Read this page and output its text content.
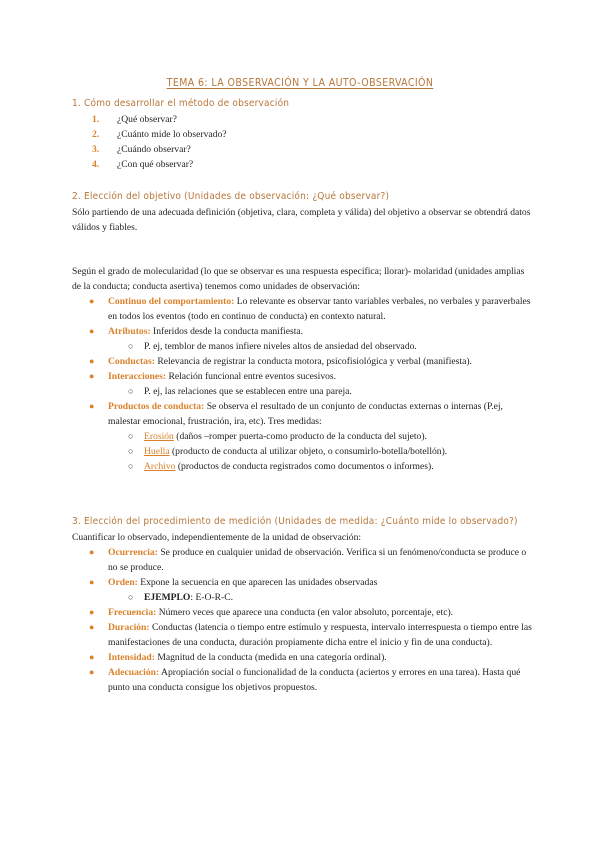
TEMA 6: LA OBSERVACIÓN Y LA AUTO-OBSERVACIÓN
1. Cómo desarrollar el método de observación
1. ¿Qué observar?
2. ¿Cuánto mide lo observado?
3. ¿Cuándo observar?
4. ¿Con qué observar?
2. Elección del objetivo (Unidades de observación: ¿Qué observar?)

Sólo partiendo de una adecuada definición (objetiva, clara, completa y válida) del objetivo a observar se obtendrá datos válidos y fiables.

Según el grado de molecularidad (lo que se observar es una respuesta específica; llorar)- molaridad (unidades amplias de la conducta; conducta asertiva) tenemos como unidades de observación:

● Continuo del comportamiento: Lo relevante es observar tanto variables verbales, no verbales y paraverbales en todos los eventos (todo en continuo de conducta) en contexto natural.
● Atributos: Inferidos desde la conducta manifiesta.
○ P. ej, temblor de manos infiere niveles altos de ansiedad del observado.
● Conductas: Relevancia de registrar la conducta motora, psicofisiológica y verbal (manifiesta).
● Interacciones: Relación funcional entre eventos sucesivos.
○ P. ej, las relaciones que se establecen entre una pareja.
● Productos de conducta: Se observa el resultado de un conjunto de conductas externas o internas (P.ej, malestar emocional, frustración, ira, etc). Tres medidas:
○ Erosión (daños –romper puerta-como producto de la conducta del sujeto).
○ Huella (producto de conducta al utilizar objeto, o consumirlo-botella/botellón).
○ Archivo (productos de conducta registrados como documentos o informes).
3. Elección del procedimiento de medición (Unidades de medida: ¿Cuánto mide lo observado?)

Cuantificar lo observado, independientemente de la unidad de observación:

● Ocurrencia: Se produce en cualquier unidad de observación. Verifica si un fenómeno/conducta se produce o no se produce.
● Orden: Expone la secuencia en que aparecen las unidades observadas
○ EJEMPLO: E-O-R-C.
● Frecuencia: Número veces que aparece una conducta (en valor absoluto, porcentaje, etc).
● Duración: Conductas (latencia o tiempo entre estímulo y respuesta, intervalo interrespuesta o tiempo entre las manifestaciones de una conducta, duración propiamente dicha entre el inicio y fin de una conducta).
● Intensidad: Magnitud de la conducta (medida en una categoría ordinal).
● Adecuación: Apropiación social o funcionalidad de la conducta (aciertos y errores en una tarea). Hasta qué punto una conducta consigue los objetivos propuestos.
